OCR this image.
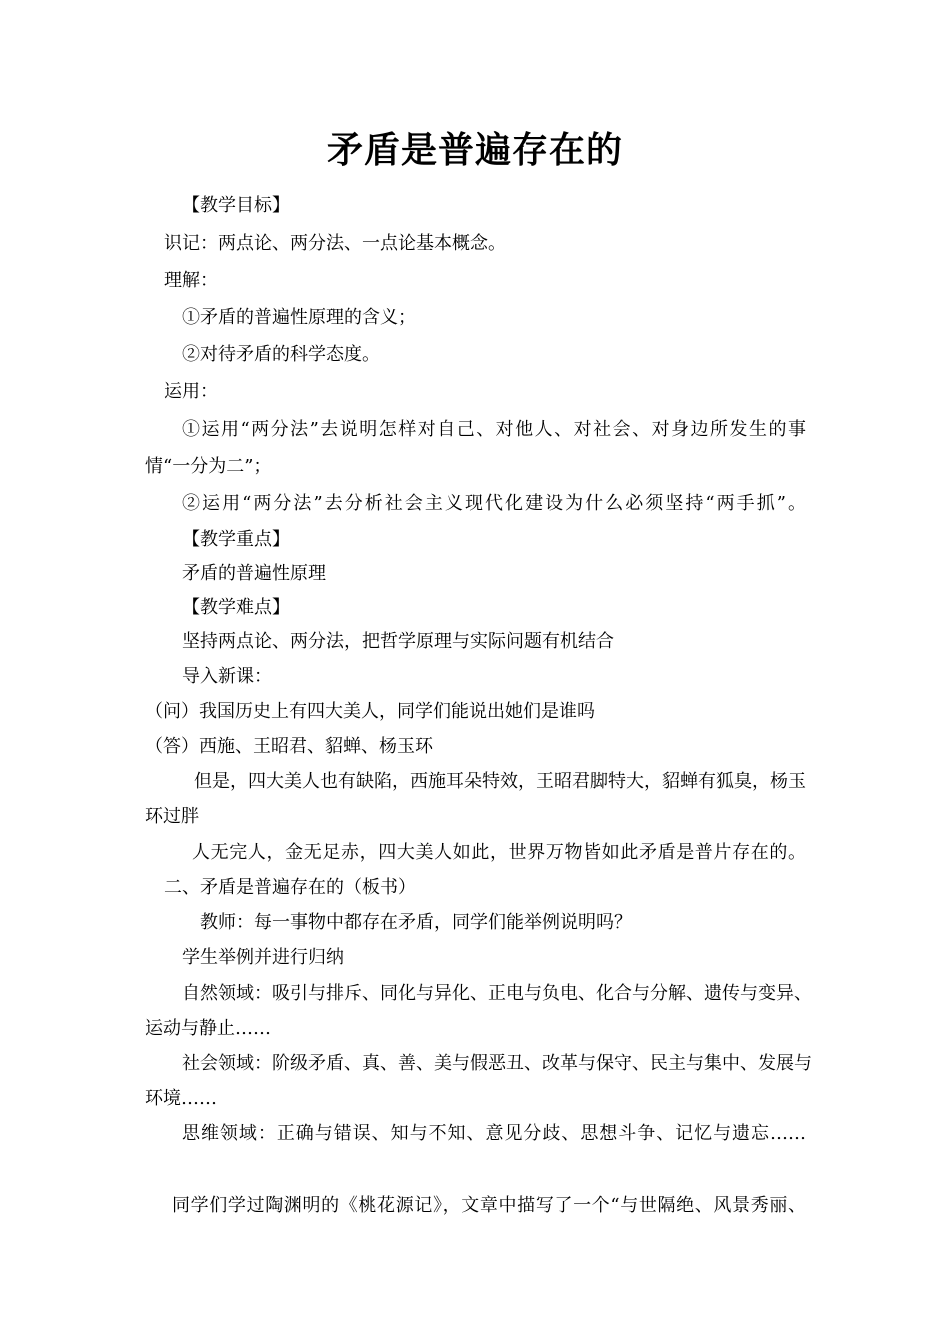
矛盾是普遍存在的
【教学目标】
识记：两点论、两分法、一点论基本概念。
理解：
①矛盾的普遍性原理的含义；
②对待矛盾的科学态度。
运用：
①运用“两分法”去说明怎样对自己、对他人、对社会、对身边所发生的事
情“一分为二”；
②运用“两分法”去分析社会主义现代化建设为什么必须坚持“两手抓”。
【教学重点】
矛盾的普遍性原理
【教学难点】
坚持两点论、两分法，把哲学原理与实际问题有机结合
导入新课：
（问）我国历史上有四大美人，同学们能说出她们是谁吗
（答）西施、王昭君、貂蝉、杨玉环
但是，四大美人也有缺陷，西施耳朵特效，王昭君脚特大，貂蝉有狐臭，杨玉
环过胖
人无完人，金无足赤，四大美人如此，世界万物皆如此矛盾是普片存在的。
二、矛盾是普遍存在的（板书）
教师：每一事物中都存在矛盾，同学们能举例说明吗？
学生举例并进行归纳
自然领域：吸引与排斥、同化与异化、正电与负电、化合与分解、遗传与变异、
运动与静止……
社会领域：阶级矛盾、真、善、美与假恶丑、改革与保守、民主与集中、发展与
环境……
思维领域：正确与错误、知与不知、意见分歧、思想斗争、记忆与遗忘……
同学们学过陶渊明的《桃花源记》，文章中描写了一个“与世隔绝、风景秀丽、
